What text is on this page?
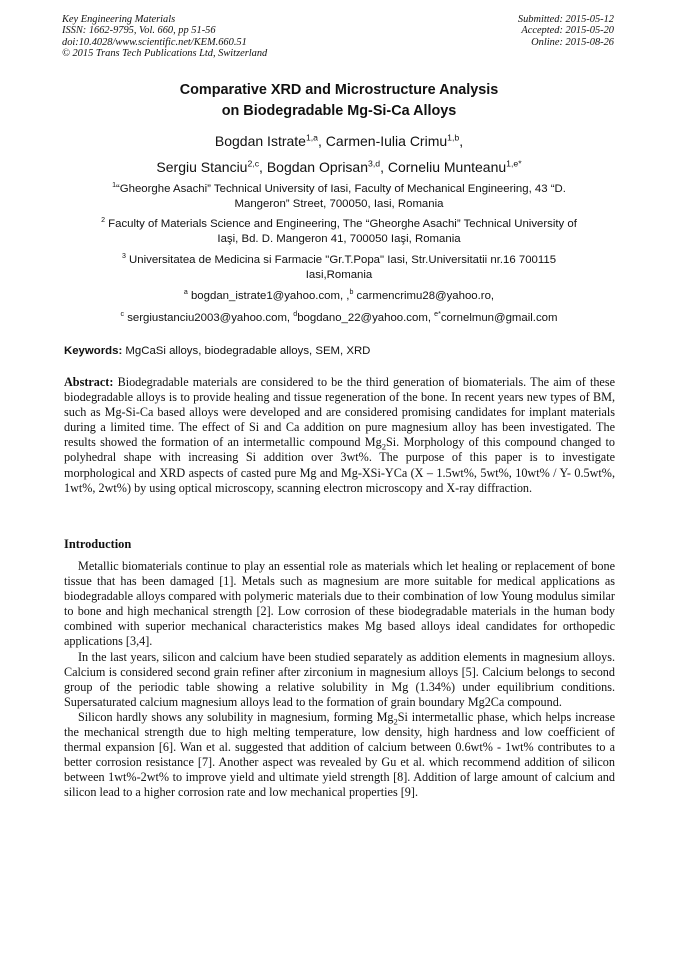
Key Engineering Materials
ISSN: 1662-9795, Vol. 660, pp 51-56
doi:10.4028/www.scientific.net/KEM.660.51
© 2015 Trans Tech Publications Ltd, Switzerland
Submitted: 2015-05-12
Accepted: 2015-05-20
Online: 2015-08-26
Comparative XRD and Microstructure Analysis
on Biodegradable Mg-Si-Ca Alloys
Bogdan Istrate$^{1,a}$, Carmen-Iulia Crimu$^{1,b}$,
Sergiu Stanciu$^{2,c}$, Bogdan Oprisan$^{3,d}$, Corneliu Munteanu$^{1,e*}$
$^1$“Gheorghe Asachi” Technical University of Iasi, Faculty of Mechanical Engineering, 43 “D.
Mangeron” Street, 700050, Iasi, Romania
$^2$ Faculty of Materials Science and Engineering, The “Gheorghe Asachi” Technical University of
Iaşi, Bd. D. Mangeron 41, 700050 Iaşi, Romania
$^3$ Universitatea de Medicina si Farmacie "Gr.T.Popa" Iasi, Str.Universitatii nr.16 700115
Iasi,Romania
$^a$ bogdan_istrate1@yahoo.com, ,$^b$ carmencrimu28@yahoo.ro,
$^c$ sergiustanciu2003@yahoo.com, $^d$bogdano_22@yahoo.com, $^{e*}$cornelmun@gmail.com
Keywords: MgCaSi alloys, biodegradable alloys, SEM, XRD
Abstract: Biodegradable materials are considered to be the third generation of biomaterials. The aim of these biodegradable alloys is to provide healing and tissue regeneration of the bone. In recent years new types of BM, such as Mg-Si-Ca based alloys were developed and are considered promising candidates for implant materials during a limited time. The effect of Si and Ca addition on pure magnesium alloy has been investigated. The results showed the formation of an intermetallic compound $Mg_2Si$. Morphology of this compound changed to polyhedral shape with increasing Si addition over 3wt%. The purpose of this paper is to investigate morphological and XRD aspects of casted pure Mg and Mg-XSi-YCa (X – 1.5wt%, 5wt%, 10wt% / Y- 0.5wt%, 1wt%, 2wt%) by using optical microscopy, scanning electron microscopy and X-ray diffraction.
Introduction

Metallic biomaterials continue to play an essential role as materials which let healing or replacement of bone tissue that has been damaged [1]. Metals such as magnesium are more suitable for medical applications as biodegradable alloys compared with polymeric materials due to their combination of low Young modulus similar to bone and high mechanical strength [2]. Low corrosion of these biodegradable materials in the human body combined with superior mechanical characteristics makes Mg based alloys ideal candidates for orthopedic applications [3,4].

In the last years, silicon and calcium have been studied separately as addition elements in magnesium alloys. Calcium is considered second grain refiner after zirconium in magnesium alloys [5]. Calcium belongs to second group of the periodic table showing a relative solubility in Mg (1.34%) under equilibrium conditions. Supersaturated calcium magnesium alloys lead to the formation of grain boundary Mg2Ca compound.

Silicon hardly shows any solubility in magnesium, forming $Mg_2Si$ intermetallic phase, which helps increase the mechanical strength due to high melting temperature, low density, high hardness and low coefficient of thermal expansion [6]. Wan et al. suggested that addition of calcium between 0.6wt% - 1wt% contributes to a better corrosion resistance [7]. Another aspect was revealed by Gu et al. which recommend addition of silicon between 1wt%-2wt% to improve yield and ultimate yield strength [8]. Addition of large amount of calcium and silicon lead to a higher corrosion rate and low mechanical properties [9].
